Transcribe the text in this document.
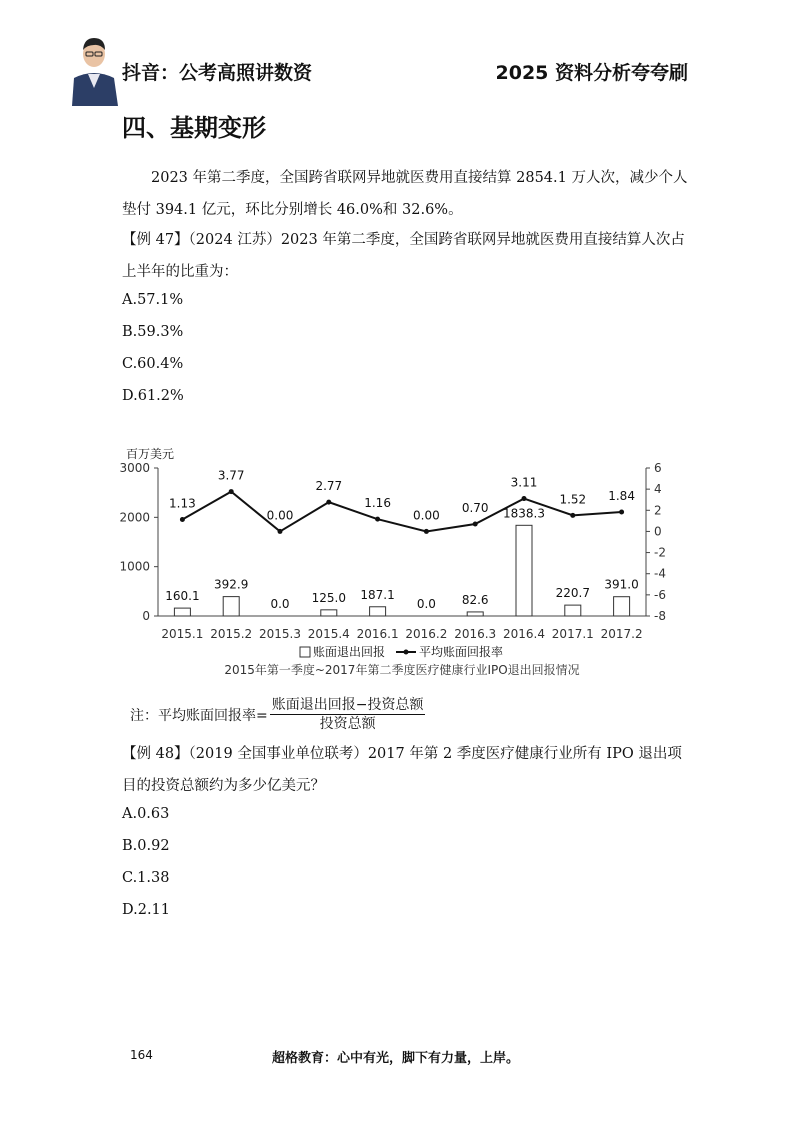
抖音：公考高照讲数资	2025 资料分析夸夸刷
四、基期变形
2023 年第二季度，全国跨省联网异地就医费用直接结算 2854.1 万人次，减少个人垫付 394.1 亿元，环比分别增长 46.0%和 32.6%。
【例 47】（2024 江苏）2023 年第二季度，全国跨省联网异地就医费用直接结算人次占上半年的比重为：
A.57.1%
B.59.3%
C.60.4%
D.61.2%
百万美元
0
1000
2000
3000
-8
-6
-4
-2
0
2
4
6
2015.1 2015.2 2015.3 2015.4 2016.1 2016.2 2016.3 2016.4 2017.1 2017.2
160.1
392.9
0.0 125.0 187.1
0.0 82.6
1838.3
220.7
391.0
1.13
3.77
0.00
2.77
1.16
0.00
0.70
3.11
1.52 1.84
账面退出回报	平均账面回报率
2015年第一季度~2017年第二季度医疗健康行业IPO退出回报情况
注：平均账面回报率= $\frac{\text{账面退出回报−投资总额}}{\text{投资总额}}$
【例 48】（2019 全国事业单位联考）2017 年第 2 季度医疗健康行业所有 IPO 退出项目的投资总额约为多少亿美元？
A.0.63
B.0.92
C.1.38
D.2.11
164	超格教育：心中有光，脚下有力量，上岸。
